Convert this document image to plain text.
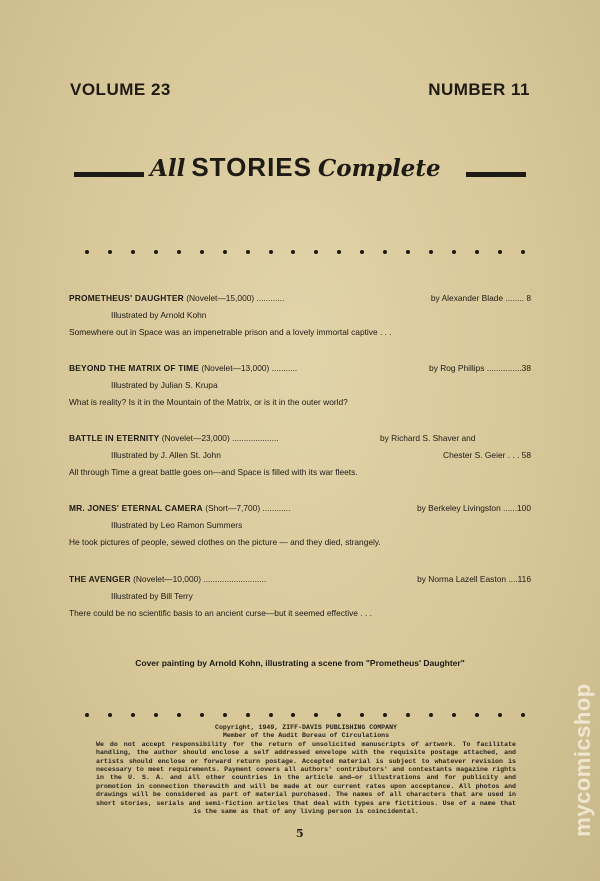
VOLUME 23	NUMBER 11
All STORIES Complete
PROMETHEUS' DAUGHTER (Novelet—15,000) ............	by Alexander Blade ........ 8
Illustrated by Arnold Kohn
Somewhere out in Space was an impenetrable prison and a lovely immortal captive . . .
BEYOND THE MATRIX OF TIME (Novelet—13,000) ...........	by Rog Phillips ...............38
Illustrated by Julian S. Krupa
What is reality? Is it in the Mountain of the Matrix, or is it in the outer world?
BATTLE IN ETERNITY (Novelet—23,000) ....................	by Richard S. Shaver and
Illustrated by J. Allen St. John	Chester S. Geier . . . 58
All through Time a great battle goes on—and Space is filled with its war fleets.
MR. JONES' ETERNAL CAMERA (Short—7,700) ............	by Berkeley Livingston ......100
Illustrated by Leo Ramon Summers
He took pictures of people, sewed clothes on the picture — and they died, strangely.
THE AVENGER (Novelet—10,000) ...........................	by Norma Lazell Easton ....116
Illustrated by Bill Terry
There could be no scientific basis to an ancient curse—but it seemed effective . . .
Cover painting by Arnold Kohn, illustrating a scene from "Prometheus' Daughter"

Copyright, 1949, ZIFF-DAVIS PUBLISHING COMPANY

Member of the Audit Bureau of Circulations

We do not accept responsibility for the return of unsolicited manuscripts of artwork. To facilitate handling, the author should enclose a self addressed envelope with the requisite postage attached, and artists should enclose or forward return postage. Accepted material is subject to whatever revision is necessary to meet requirements. Payment covers all authors' contributors' and contestants magazine rights in the U. S. A. and all other countries in the article and—or illustrations and for publicity and promotion in connection therewith and will be made at our current rates upon acceptance. All photos and drawings will be considered as part of material purchased. The names of all characters that are used in short stories, serials and semi-fiction articles that deal with types are fictitious. Use of a name that is the same as that of any living person is coincidental.

5	mycomicshop
